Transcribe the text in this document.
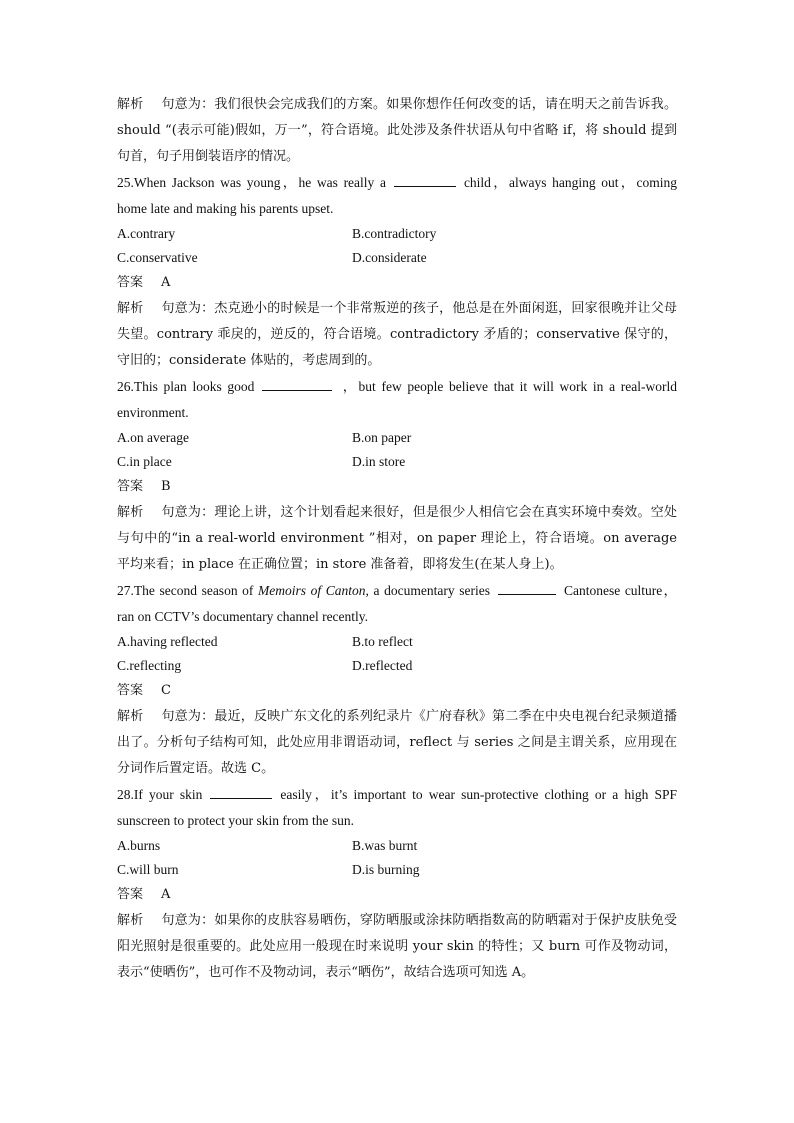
解析 句意为：我们很快会完成我们的方案。如果你想作任何改变的话，请在明天之前告诉我。should “(表示可能)假如，万一”，符合语境。此处涉及条件状语从句中省略 if，将 should 提到句首，句子用倒装语序的情况。

25.When Jackson was young，he was really a	child，always hanging out，coming home late and making his parents upset.

A.contrary	B.contradictory
C.conservative	D.considerate

答案 A

解析 句意为：杰克逊小的时候是一个非常叛逆的孩子，他总是在外面闲逛，回家很晚并让父母失望。contrary 乖戾的，逆反的，符合语境。contradictory 矛盾的；conservative 保守的，守旧的；considerate 体贴的，考虑周到的。

26.This plan looks good	，but few people believe that it will work in a real-world environment.

A.on average	B.on paper
C.in place	D.in store

答案 B

解析 句意为：理论上讲，这个计划看起来很好，但是很少人相信它会在真实环境中奏效。空处与句中的“in a real-world environment ”相对，on paper 理论上，符合语境。on average 平均来看；in place 在正确位置；in store 准备着，即将发生(在某人身上)。

27.The second season of Memoirs of Canton, a documentary series	Cantonese culture，ran on CCTV’s documentary channel recently.

A.having reflected	B.to reflect
C.reflecting	D.reflected

答案 C

解析 句意为：最近，反映广东文化的系列纪录片《广府春秋》第二季在中央电视台纪录频道播出了。分析句子结构可知，此处应用非谓语动词，reflect 与 series 之间是主谓关系，应用现在分词作后置定语。故选 C。

28.If your skin	easily，it’s important to wear sun-protective clothing or a high SPF sunscreen to protect your skin from the sun.

A.burns	B.was burnt
C.will burn	D.is burning

答案 A

解析 句意为：如果你的皮肤容易晒伤，穿防晒服或涂抹防晒指数高的防晒霜对于保护皮肤免受阳光照射是很重要的。此处应用一般现在时来说明 your skin 的特性；又 burn 可作及物动词，表示“使晒伤”，也可作不及物动词，表示“晒伤”，故结合选项可知选 A。
